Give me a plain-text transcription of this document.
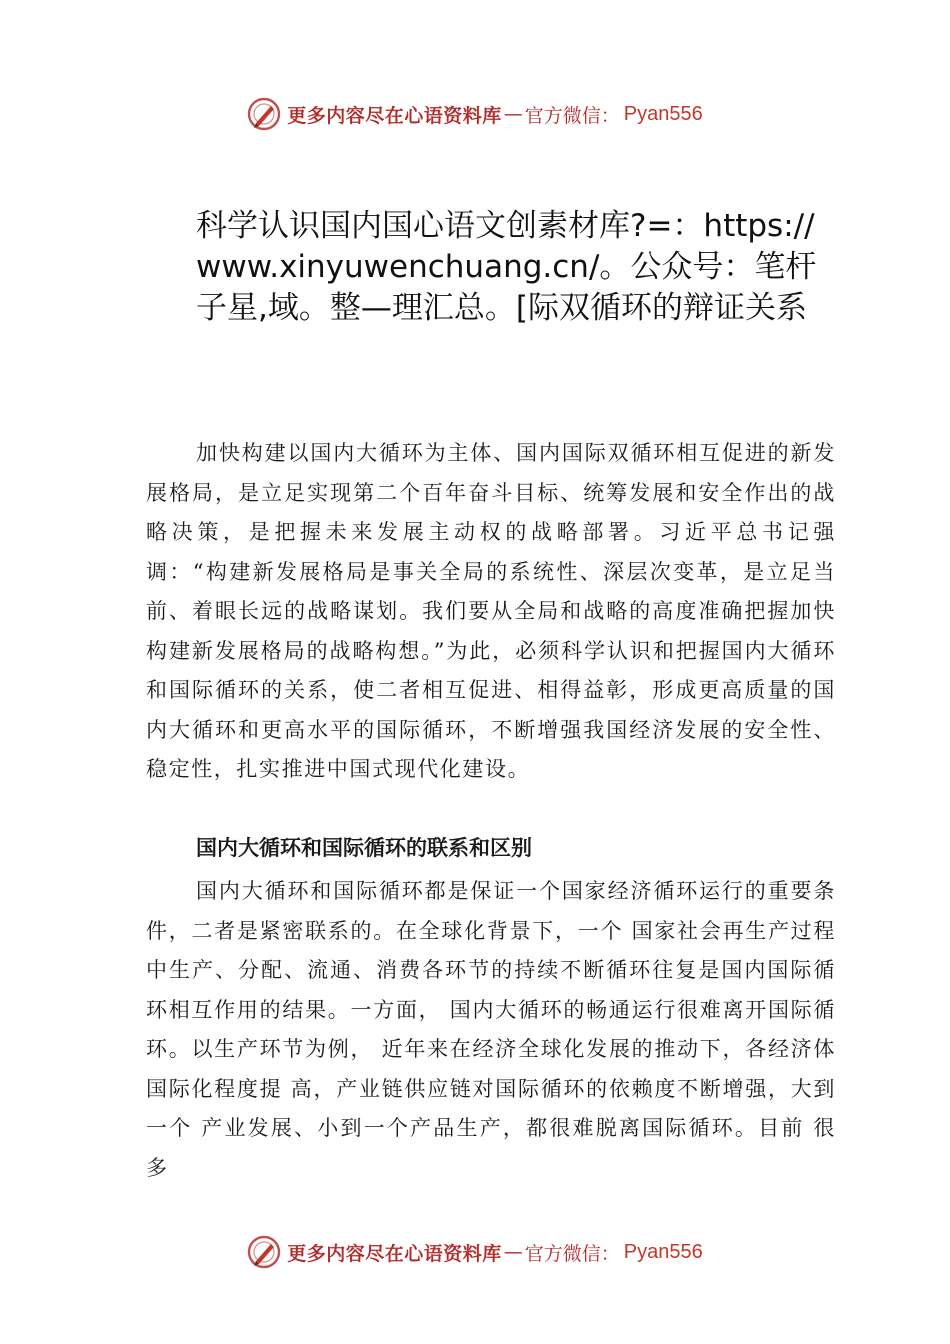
更多内容尽在心语资料库 — 官方微信： Pyan556
科学认识国内国心语文创素材库?=：https://www.xinyuwenchuang.cn/。公众号：笔杆子星,域。整—理汇总。[际双循环的辩证关系

加快构建以国内大循环为主体、国内国际双循环相互促进的新发展格局，是立足实现第二个百年奋斗目标、统筹发展和安全作出的战略决策，是把握未来发展主动权的战略部署。习近平总书记强调：“构建新发展格局是事关全局的系统性、深层次变革，是立足当前、着眼长远的战略谋划。我们要从全局和战略的高度准确把握加快构建新发展格局的战略构想。”为此，必须科学认识和把握国内大循环和国际循环的关系，使二者相互促进、相得益彰，形成更高质量的国内大循环和更高水平的国际循环，不断增强我国经济发展的安全性、稳定性，扎实推进中国式现代化建设。

国内大循环和国际循环的联系和区别

国内大循环和国际循环都是保证一个国家经济循环运行的重要条件，二者是紧密联系的。在全球化背景下，一个 国家社会再生产过程中生产、分配、流通、消费各环节的持续不断循环往复是国内国际循环相互作用的结果。一方面， 国内大循环的畅通运行很难离开国际循环。以生产环节为例， 近年来在经济全球化发展的推动下，各经济体国际化程度提 高，产业链供应链对国际循环的依赖度不断增强，大到一个 产业发展、小到一个产品生产，都很难脱离国际循环。目前 很多

更多内容尽在心语资料库 — 官方微信： Pyan556
